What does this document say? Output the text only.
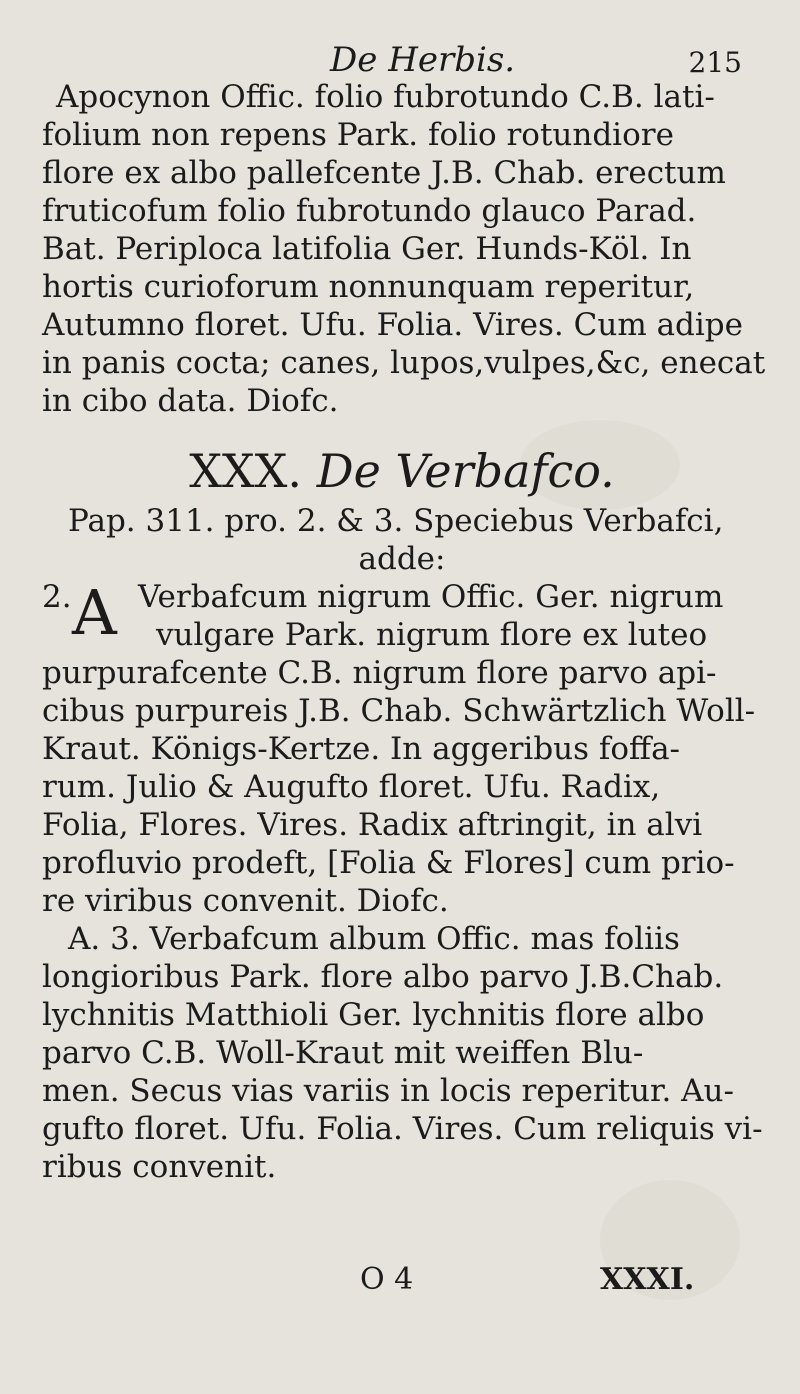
De Herbis.	215
Apocynon Offic. folio fubrotundo C.B. lati-
folium non repens Park. folio rotundiore
flore ex albo pallefcente J.B. Chab. erectum
fruticofum folio fubrotundo glauco Parad.
Bat. Periploca latifolia Ger. Hunds-Köl. In
hortis curioforum nonnunquam reperitur,
Autumno floret. Ufu. Folia. Vires. Cum adipe
in panis cocta; canes, lupos,vulpes,&c, enecat
in cibo data. Diofc.
XXX. De Verbafco.
Pap. 311. pro. 2. & 3. Speciebus Verbafci,
adde:
2. A Verbafcum nigrum Offic. Ger. nigrum
vulgare Park. nigrum flore ex luteo
purpurafcente C.B. nigrum flore parvo api-
cibus purpureis J.B. Chab. Schwärtzlich Woll-
Kraut. Königs-Kertze. In aggeribus foffa-
rum. Julio & Augufto floret. Ufu. Radix,
Folia, Flores. Vires. Radix aftringit, in alvi
profluvio prodeft, [Folia & Flores] cum prio-
re viribus convenit. Diofc.
A. 3. Verbafcum album Offic. mas foliis
longioribus Park. flore albo parvo J.B.Chab.
lychnitis Matthioli Ger. lychnitis flore albo
parvo C.B. Woll-Kraut mit weiffen Blu-
men. Secus vias variis in locis reperitur. Au-
gufto floret. Ufu. Folia. Vires. Cum reliquis vi-
ribus convenit.
O 4	XXXI.
